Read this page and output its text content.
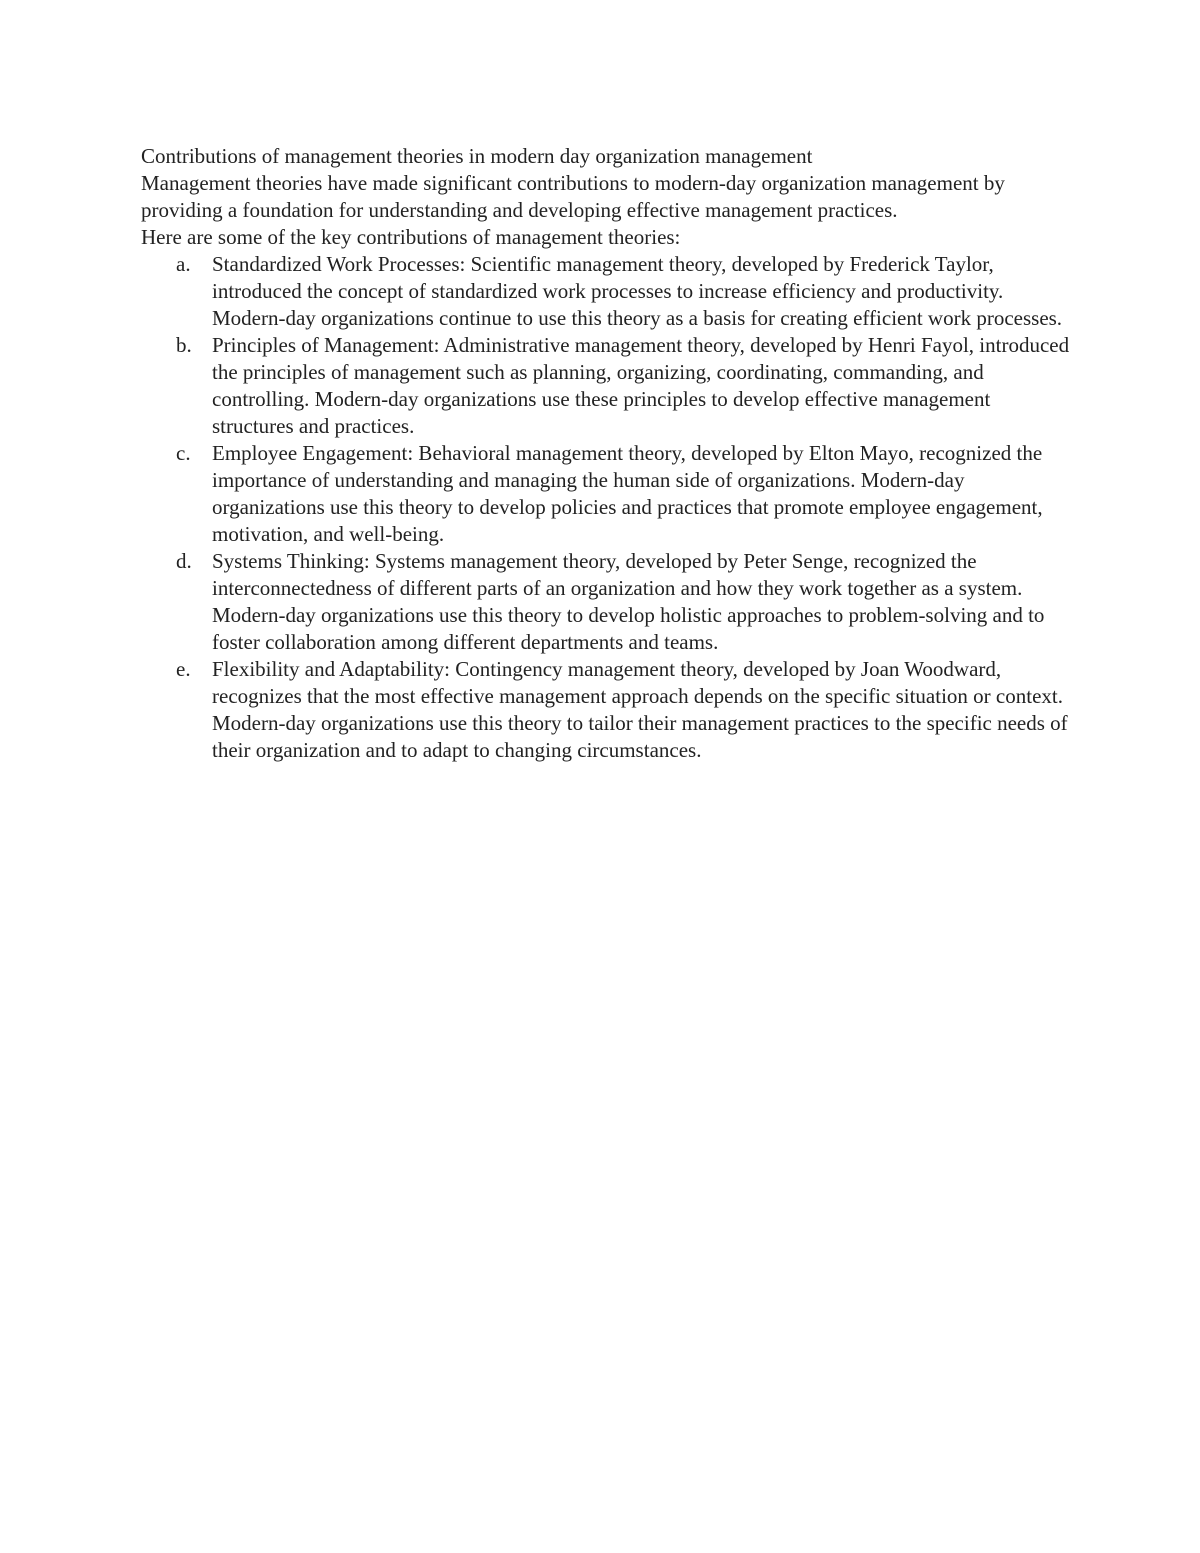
Contributions of management theories in modern day organization management

Management theories have made significant contributions to modern-day organization management by providing a foundation for understanding and developing effective management practices.

Here are some of the key contributions of management theories:

a. Standardized Work Processes: Scientific management theory, developed by Frederick Taylor, introduced the concept of standardized work processes to increase efficiency and productivity. Modern-day organizations continue to use this theory as a basis for creating efficient work processes.
b. Principles of Management: Administrative management theory, developed by Henri Fayol, introduced the principles of management such as planning, organizing, coordinating, commanding, and controlling. Modern-day organizations use these principles to develop effective management structures and practices.
c. Employee Engagement: Behavioral management theory, developed by Elton Mayo, recognized the importance of understanding and managing the human side of organizations. Modern-day organizations use this theory to develop policies and practices that promote employee engagement, motivation, and well-being.
d. Systems Thinking: Systems management theory, developed by Peter Senge, recognized the interconnectedness of different parts of an organization and how they work together as a system. Modern-day organizations use this theory to develop holistic approaches to problem-solving and to foster collaboration among different departments and teams.
e. Flexibility and Adaptability: Contingency management theory, developed by Joan Woodward, recognizes that the most effective management approach depends on the specific situation or context. Modern-day organizations use this theory to tailor their management practices to the specific needs of their organization and to adapt to changing circumstances.
